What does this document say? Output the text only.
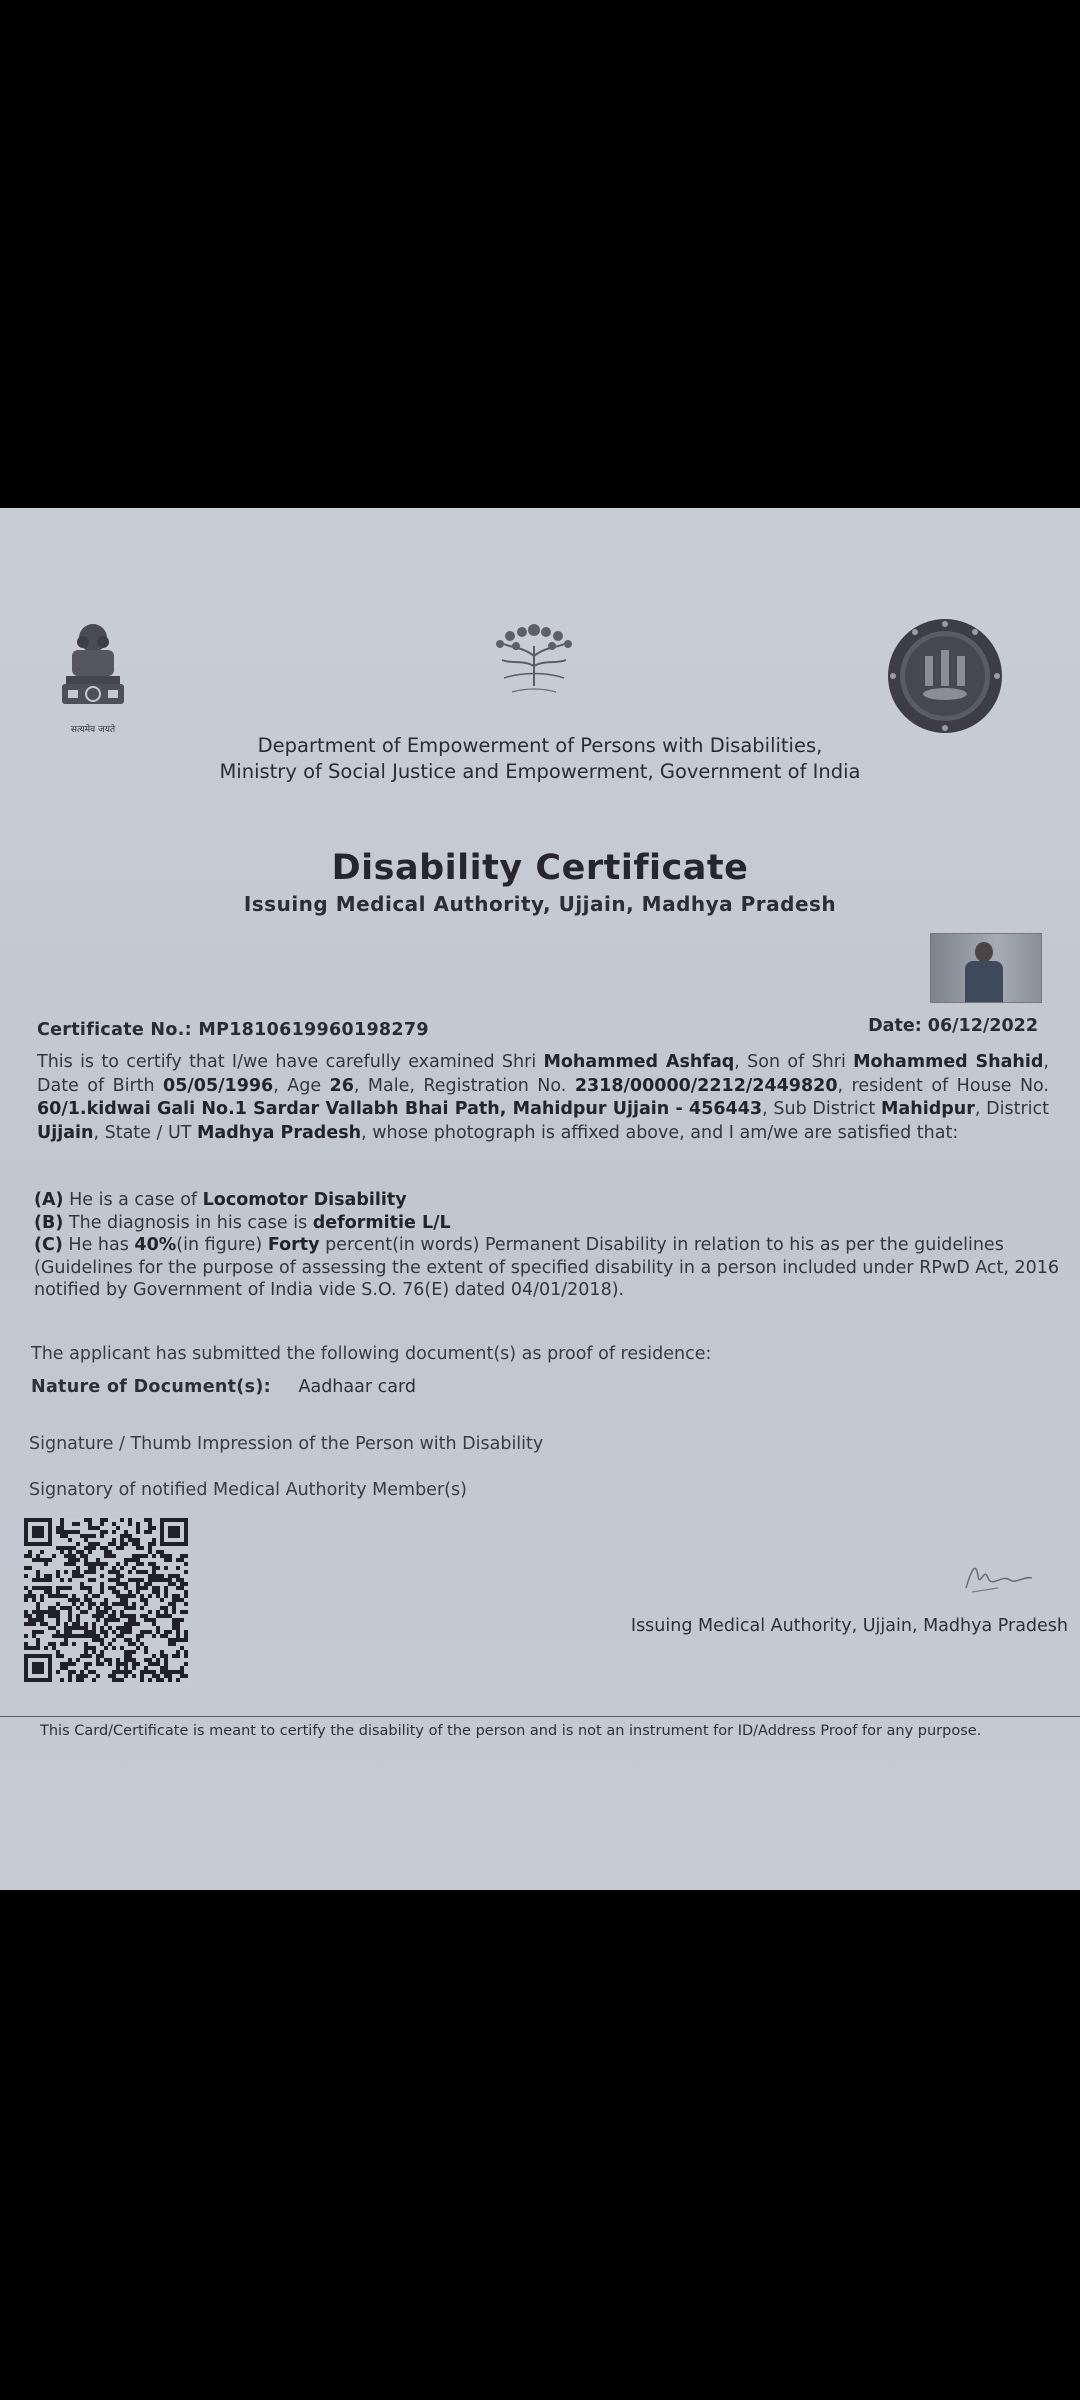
सत्यमेव जयते
Department of Empowerment of Persons with Disabilities,
Ministry of Social Justice and Empowerment, Government of India
Disability Certificate
Issuing Medical Authority, Ujjain, Madhya Pradesh
Certificate No.: MP1810619960198279	Date: 06/12/2022
This is to certify that I/we have carefully examined Shri Mohammed Ashfaq, Son of Shri Mohammed Shahid, Date of Birth 05/05/1996, Age 26, Male, Registration No. 2318/00000/2212/2449820, resident of House No. 60/1.kidwai Gali No.1 Sardar Vallabh Bhai Path, Mahidpur Ujjain - 456443, Sub District Mahidpur, District Ujjain, State / UT Madhya Pradesh, whose photograph is affixed above, and I am/we are satisfied that:
(A) He is a case of Locomotor Disability
(B) The diagnosis in his case is deformitie L/L
(C) He has 40%(in figure) Forty percent(in words) Permanent Disability in relation to his as per the guidelines
(Guidelines for the purpose of assessing the extent of specified disability in a person included under RPwD Act, 2016
notified by Government of India vide S.O. 76(E) dated 04/01/2018).
The applicant has submitted the following document(s) as proof of residence:
Nature of Document(s): Aadhaar card
Signature / Thumb Impression of the Person with Disability
Signatory of notified Medical Authority Member(s)
Issuing Medical Authority, Ujjain, Madhya Pradesh
This Card/Certificate is meant to certify the disability of the person and is not an instrument for ID/Address Proof for any purpose.
